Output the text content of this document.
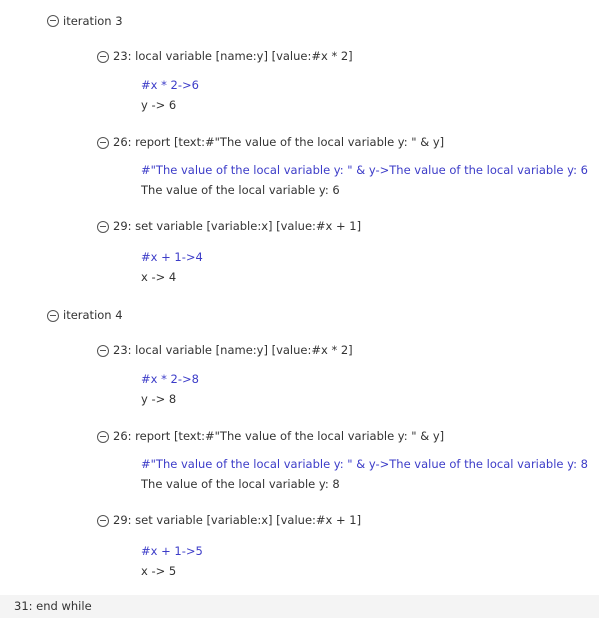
iteration 3
23: local variable [name:y] [value:#x * 2]
#x * 2->6
y -> 6
26: report [text:#"The value of the local variable y: " & y]
#"The value of the local variable y: " & y->The value of the local variable y: 6
The value of the local variable y: 6
29: set variable [variable:x] [value:#x + 1]
#x + 1->4
x -> 4
iteration 4
23: local variable [name:y] [value:#x * 2]
#x * 2->8
y -> 8
26: report [text:#"The value of the local variable y: " & y]
#"The value of the local variable y: " & y->The value of the local variable y: 8
The value of the local variable y: 8
29: set variable [variable:x] [value:#x + 1]
#x + 1->5
x -> 5
31: end while
